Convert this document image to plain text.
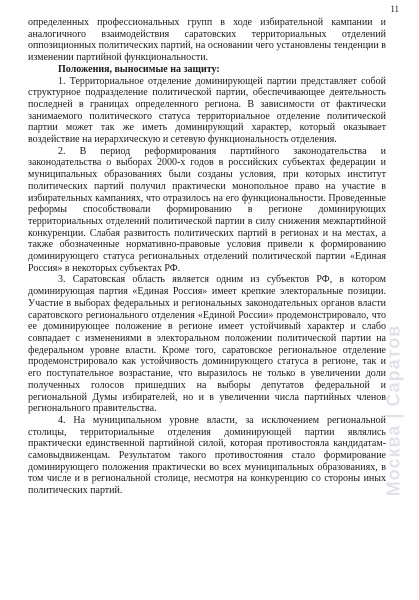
11

определенных профессиональных групп в ходе избирательной кампании и аналогичного взаимодействия саратовских территориальных отделений оппозиционных политических партий, на основании чего установлены тенденции в изменении партийной функциональности.

Положения, выносимые на защиту:

1. Территориальное отделение доминирующей партии представляет собой структурное подразделение политической партии, обеспечивающее деятельность последней в границах определенного региона. В зависимости от фактически занимаемого политического статуса территориальное отделение политической партии может так же иметь доминирующий характер, который оказывает воздействие на иерархическую и сетевую функциональность отделения.

2. В период реформирования партийного законодательства и законодательства о выборах 2000-х годов в российских субъектах федерации и муниципальных образованиях были созданы условия, при которых институт политических партий получил практически монопольное право на участие в избирательных кампаниях, что отразилось на его функциональности. Проведенные реформы способствовали формированию в регионе доминирующих территориальных отделений политической партии в силу снижения межпартийной конкуренции. Слабая развитость политических партий в регионах и на местах, а также обозначенные нормативно-правовые условия привели к формированию доминирующего статуса региональных отделений политической партии «Единая Россия» в некоторых субъектах РФ.

3. Саратовская область является одним из субъектов РФ, в котором доминирующая партия «Единая Россия» имеет крепкие электоральные позиции. Участие в выборах федеральных и региональных законодательных органов власти саратовского регионального отделения «Единой России» продемонстрировало, что ее доминирующее положение в регионе имеет устойчивый характер и слабо совпадает с изменениями в электоральном положении политической партии на федеральном уровне власти. Кроме того, саратовское региональное отделение продемонстрировало как устойчивость доминирующего статуса в регионе, так и его поступательное возрастание, что выразилось не только в увеличении доли полученных голосов пришедших на выборы депутатов федеральной и региональной Думы избирателей, но и в увеличении числа партийных членов регионального правительства.

4. На муниципальном уровне власти, за исключением региональной столицы, территориальные отделения доминирующей партии являлись практически единственной партийной силой, которая противостояла кандидатам-самовыдвиженцам. Результатом такого противостояния стало формирование доминирующего положения практически во всех муниципальных образованиях, в том числе и в региональной столице, несмотря на конкуренцию со стороны иных политических партий.	Москва | Саратов
